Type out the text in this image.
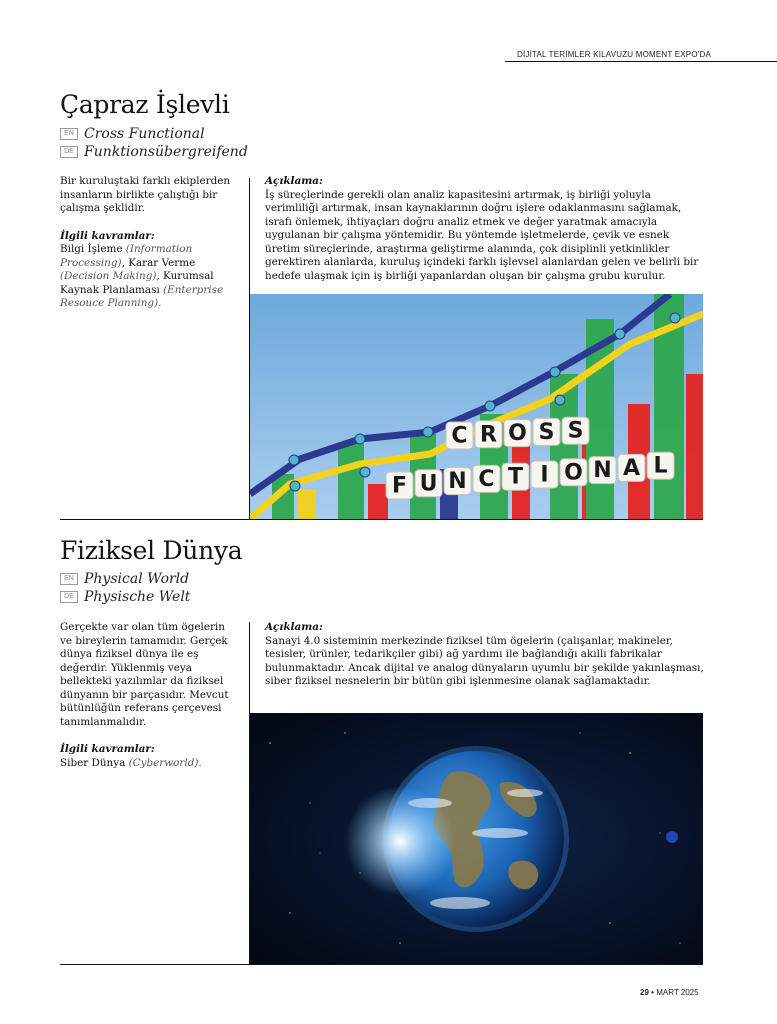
DİJİTAL TERİMLER KILAVUZU MOMENT EXPO'DA
Çapraz İşlevli
EN Cross Functional
DE Funktionsübergreifend

Bir kuruluştaki farklı ekiplerden insanların birlikte çalıştığı bir çalışma şeklidir.

İlgili kavramlar:

Bilgi İşleme (Information Processing), Karar Verme (Decision Making), Kurumsal Kaynak Planlaması (Enterprise Resouce Planning).

Açıklama:

İş süreçlerinde gerekli olan analiz kapasitesini artırmak, iş birliği yoluyla verimliliği artırmak, insan kaynaklarının doğru işlere odaklanmasını sağlamak, israfı önlemek, ihtiyaçları doğru analiz etmek ve değer yaratmak amacıyla uygulanan bir çalışma yöntemidir. Bu yöntemde işletmelerde, çevik ve esnek üretim süreçlerinde, araştırma geliştirme alanında, çok disiplinli yetkinlikler gerektiren alanlarda, kuruluş içindeki farklı işlevsel alanlardan gelen ve belirli bir hedefe ulaşmak için iş birliği yapanlardan oluşan bir çalışma grubu kurulur.

C R O S S
F U N C T I O N A L
Fiziksel Dünya
EN Physical World
DE Physische Welt

Gerçekte var olan tüm ögelerin ve bireylerin tamamıdır. Gerçek dünya fiziksel dünya ile eş değerdir. Yüklenmiş veya bellekteki yazılımlar da fiziksel dünyanın bir parçasıdır. Mevcut bütünlüğün referans çerçevesi tanımlanmalıdır.

İlgili kavramlar:

Siber Dünya (Cyberworld).

Açıklama:

Sanayi 4.0 sisteminin merkezinde fiziksel tüm ögelerin (çalışanlar, makineler, tesisler, ürünler, tedarikçiler gibi) ağ yardımı ile bağlandığı akıllı fabrikalar bulunmaktadır. Ancak dijital ve analog dünyaların uyumlu bir şekilde yakınlaşması, siber fiziksel nesnelerin bir bütün gibi işlenmesine olanak sağlamaktadır.

29 • MART 2025
